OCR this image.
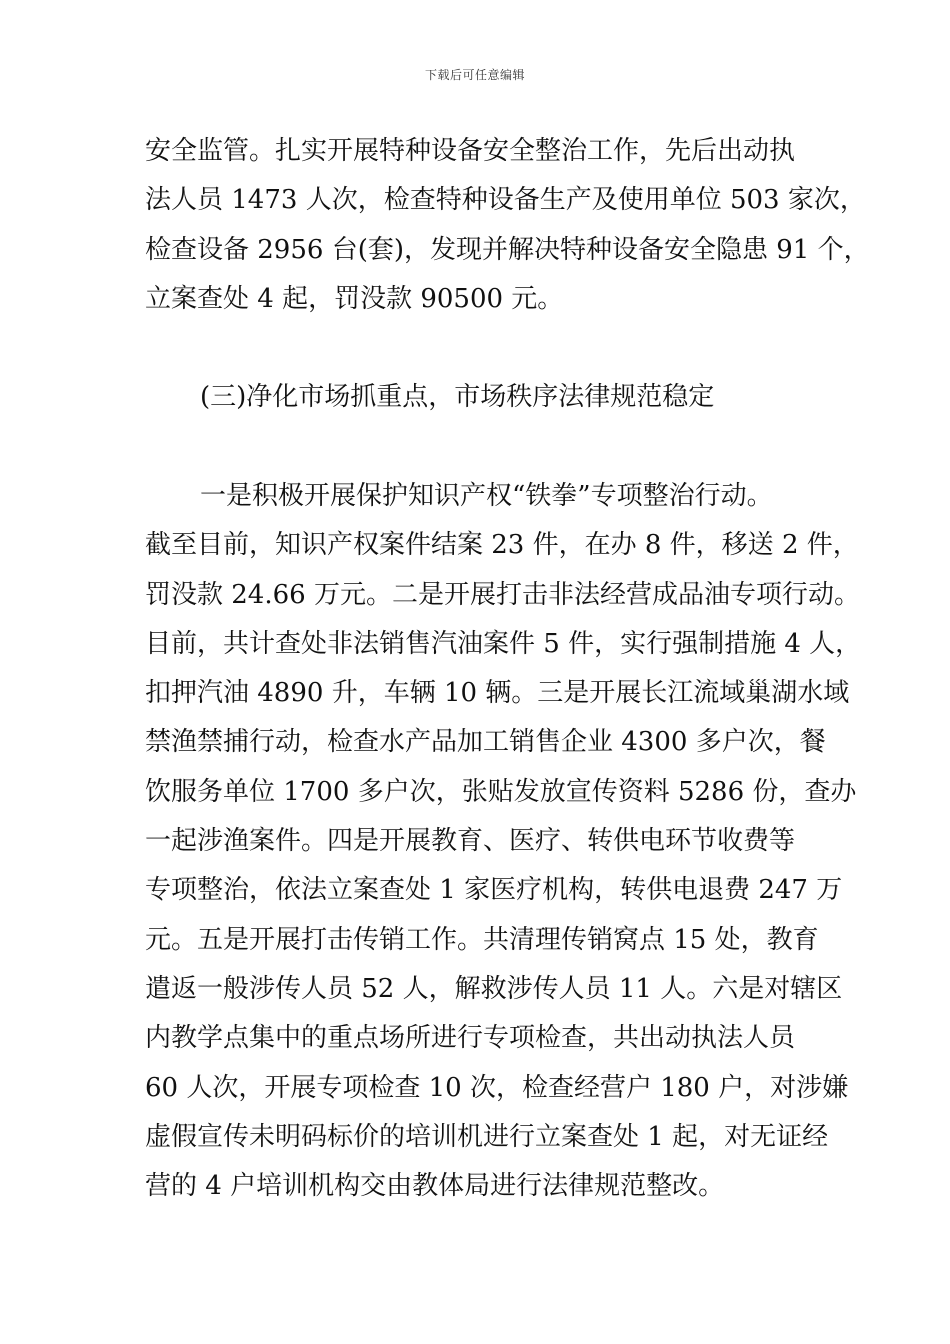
下载后可任意编辑
安全监管。扎实开展特种设备安全整治工作，先后出动执
法人员 1473 人次，检查特种设备生产及使用单位 503 家次，
检查设备 2956 台(套)，发现并解决特种设备安全隐患 91 个，
立案查处 4 起，罚没款 90500 元。
(三)净化市场抓重点，市场秩序法律规范稳定
一是积极开展保护知识产权“铁拳”专项整治行动。
截至目前，知识产权案件结案 23 件，在办 8 件，移送 2 件，
罚没款 24.66 万元。二是开展打击非法经营成品油专项行动。
目前，共计查处非法销售汽油案件 5 件，实行强制措施 4 人，
扣押汽油 4890 升，车辆 10 辆。三是开展长江流域巢湖水域
禁渔禁捕行动，检查水产品加工销售企业 4300 多户次，餐
饮服务单位 1700 多户次，张贴发放宣传资料 5286 份，查办
一起涉渔案件。四是开展教育、医疗、转供电环节收费等
专项整治，依法立案查处 1 家医疗机构，转供电退费 247 万
元。五是开展打击传销工作。共清理传销窝点 15 处，教育
遣返一般涉传人员 52 人，解救涉传人员 11 人。六是对辖区
内教学点集中的重点场所进行专项检查，共出动执法人员
60 人次，开展专项检查 10 次，检查经营户 180 户，对涉嫌
虚假宣传未明码标价的培训机进行立案查处 1 起，对无证经
营的 4 户培训机构交由教体局进行法律规范整改。
